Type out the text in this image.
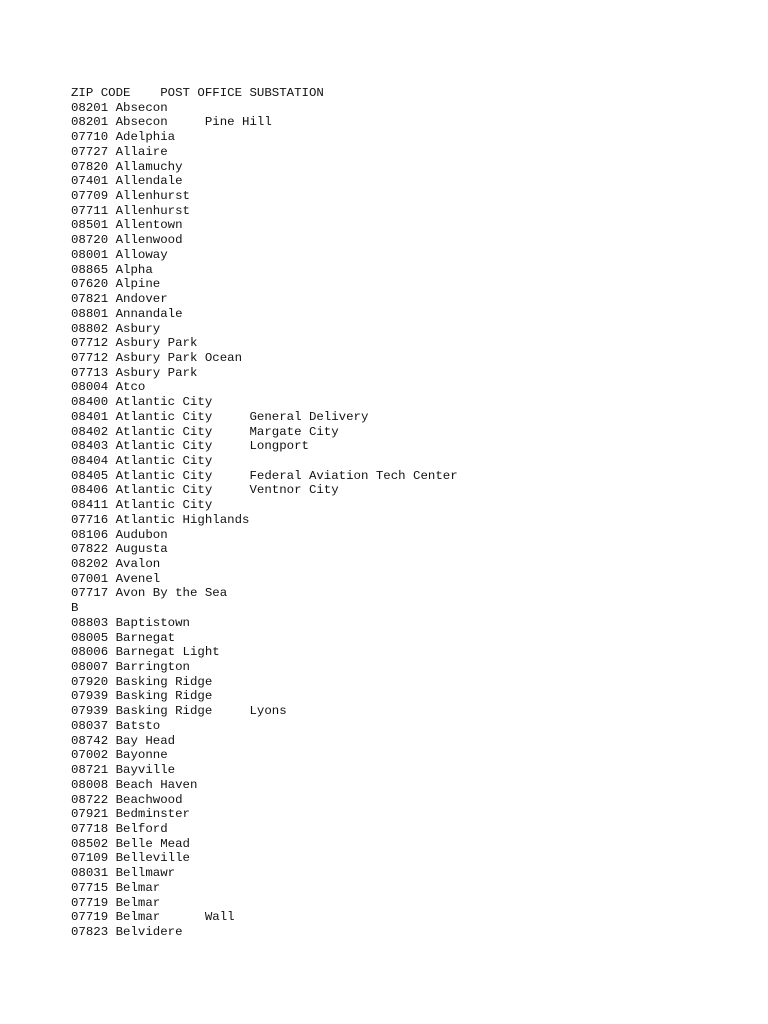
ZIP CODE    POST OFFICE SUBSTATION
08201 Absecon
08201 Absecon     Pine Hill
07710 Adelphia
07727 Allaire
07820 Allamuchy
07401 Allendale
07709 Allenhurst
07711 Allenhurst
08501 Allentown
08720 Allenwood
08001 Alloway
08865 Alpha
07620 Alpine
07821 Andover
08801 Annandale
08802 Asbury
07712 Asbury Park
07712 Asbury Park Ocean
07713 Asbury Park
08004 Atco
08400 Atlantic City
08401 Atlantic City     General Delivery
08402 Atlantic City     Margate City
08403 Atlantic City     Longport
08404 Atlantic City
08405 Atlantic City     Federal Aviation Tech Center
08406 Atlantic City     Ventnor City
08411 Atlantic City
07716 Atlantic Highlands
08106 Audubon
07822 Augusta
08202 Avalon
07001 Avenel
07717 Avon By the Sea
B
08803 Baptistown
08005 Barnegat
08006 Barnegat Light
08007 Barrington
07920 Basking Ridge
07939 Basking Ridge
07939 Basking Ridge     Lyons
08037 Batsto
08742 Bay Head
07002 Bayonne
08721 Bayville
08008 Beach Haven
08722 Beachwood
07921 Bedminster
07718 Belford
08502 Belle Mead
07109 Belleville
08031 Bellmawr
07715 Belmar
07719 Belmar
07719 Belmar      Wall
07823 Belvidere
